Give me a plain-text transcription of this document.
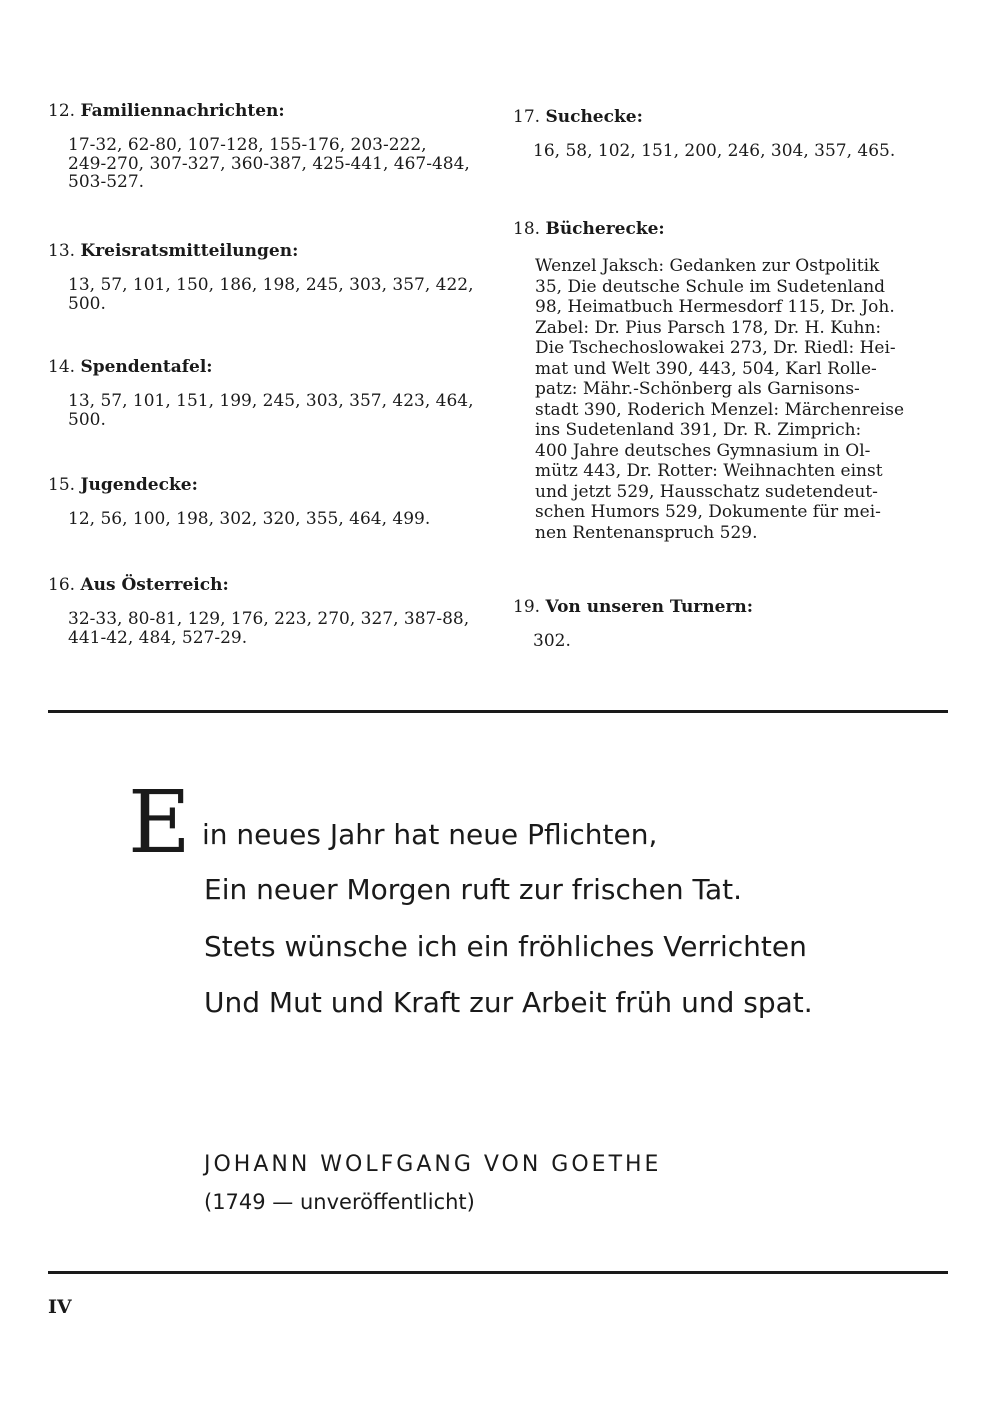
12. Familiennachrichten:
17-32, 62-80, 107-128, 155-176, 203-222,
249-270, 307-327, 360-387, 425-441, 467-484,
503-527.
13. Kreisratsmitteilungen:
13, 57, 101, 150, 186, 198, 245, 303, 357, 422,
500.
14. Spendentafel:
13, 57, 101, 151, 199, 245, 303, 357, 423, 464,
500.
15. Jugendecke:
12, 56, 100, 198, 302, 320, 355, 464, 499.
16. Aus Österreich:
32-33, 80-81, 129, 176, 223, 270, 327, 387-88,
441-42, 484, 527-29.
17. Suchecke:
16, 58, 102, 151, 200, 246, 304, 357, 465.
18. Bücherecke:
Wenzel Jaksch: Gedanken zur Ostpolitik
35, Die deutsche Schule im Sudetenland
98, Heimatbuch Hermesdorf 115, Dr. Joh.
Zabel: Dr. Pius Parsch 178, Dr. H. Kuhn:
Die Tschechoslowakei 273, Dr. Riedl: Hei-
mat und Welt 390, 443, 504, Karl Rolle-
patz: Mähr.-Schönberg als Garnisons-
stadt 390, Roderich Menzel: Märchenreise
ins Sudetenland 391, Dr. R. Zimprich:
400 Jahre deutsches Gymnasium in Ol-
mütz 443, Dr. Rotter: Weihnachten einst
und jetzt 529, Hausschatz sudetendeut-
schen Humors 529, Dokumente für mei-
nen Rentenanspruch 529.
19. Von unseren Turnern:
302.
E in neues Jahr hat neue Pflichten,
Ein neuer Morgen ruft zur frischen Tat.
Stets wünsche ich ein fröhliches Verrichten
Und Mut und Kraft zur Arbeit früh und spat.
JOHANN WOLFGANG VON GOETHE
(1749 — unveröffentlicht)
IV
